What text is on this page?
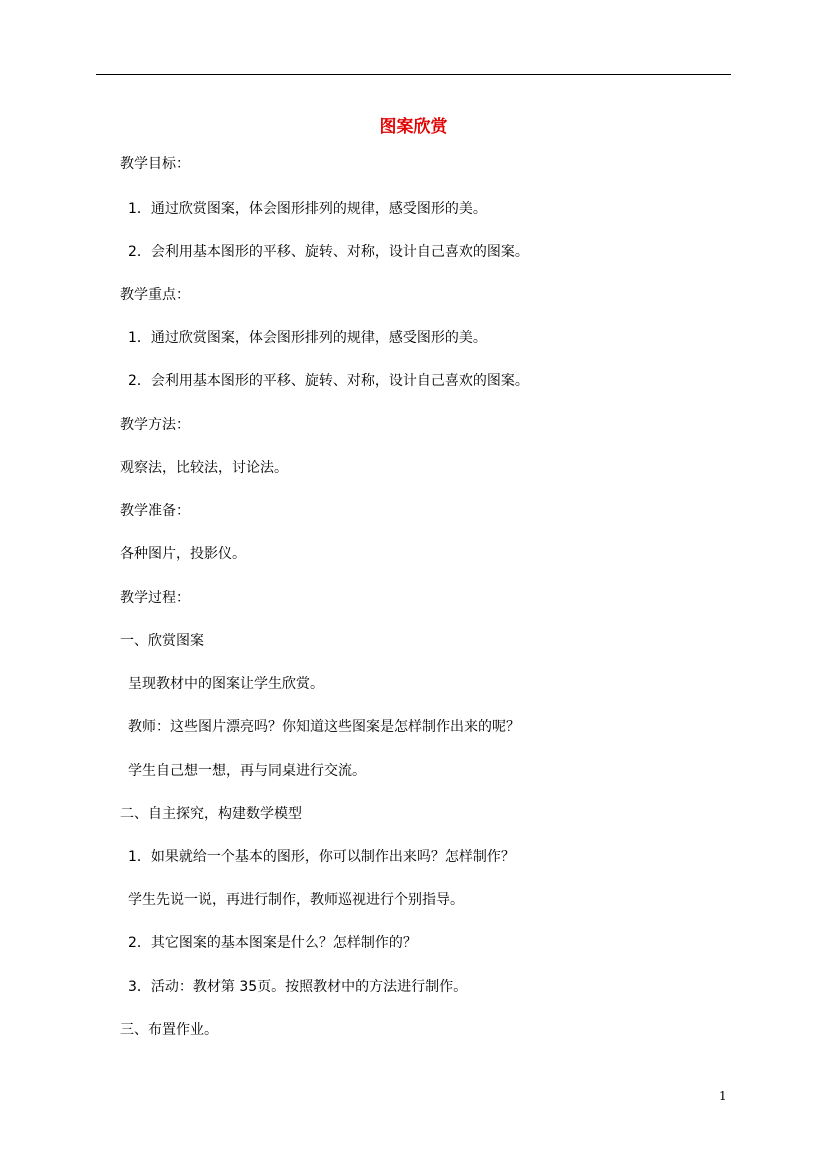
图案欣赏
教学目标：
1．通过欣赏图案，体会图形排列的规律，感受图形的美。
2．会利用基本图形的平移、旋转、对称，设计自己喜欢的图案。
教学重点：
1．通过欣赏图案，体会图形排列的规律，感受图形的美。
2．会利用基本图形的平移、旋转、对称，设计自己喜欢的图案。
教学方法：
观察法，比较法，讨论法。
教学准备：
各种图片，投影仪。
教学过程：
一、欣赏图案
呈现教材中的图案让学生欣赏。
教师：这些图片漂亮吗？你知道这些图案是怎样制作出来的呢？
学生自己想一想，再与同桌进行交流。
二、自主探究，构建数学模型
1．如果就给一个基本的图形，你可以制作出来吗？怎样制作？
学生先说一说，再进行制作，教师巡视进行个别指导。
2．其它图案的基本图案是什么？怎样制作的？
3．活动：教材第 35页。按照教材中的方法进行制作。
三、布置作业。
1
